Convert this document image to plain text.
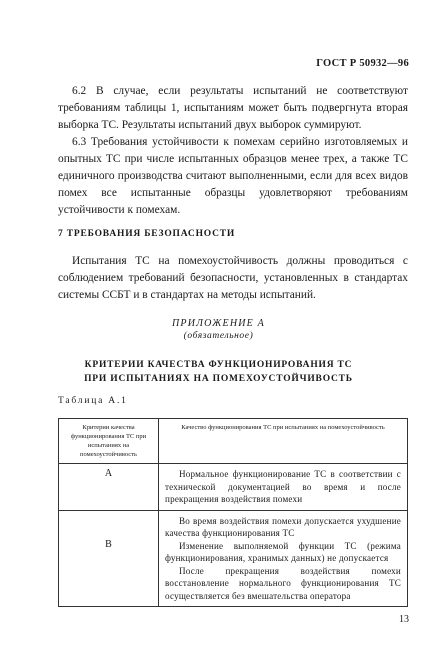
ГОСТ Р 50932—96
6.2 В случае, если результаты испытаний не соответствуют требованиям таблицы 1, испытаниям может быть подвергнута вторая выборка ТС. Результаты испытаний двух выборок суммируют.
6.3 Требования устойчивости к помехам серийно изготовляемых и опытных ТС при числе испытанных образцов менее трех, а также ТС единичного производства считают выполненными, если для всех видов помех все испытанные образцы удовлетворяют требованиям устойчивости к помехам.
7 ТРЕБОВАНИЯ БЕЗОПАСНОСТИ
Испытания ТС на помехоустойчивость должны проводиться с соблюдением требований безопасности, установленных в стандартах системы ССБТ и в стандартах на методы испытаний.
ПРИЛОЖЕНИЕ А
(обязательное)
КРИТЕРИИ КАЧЕСТВА ФУНКЦИОНИРОВАНИЯ ТС
ПРИ ИСПЫТАНИЯХ НА ПОМЕХОУСТОЙЧИВОСТЬ
Таблица А.1
Критерии качества функционирования ТС при испытаниях на помехоустойчивость	Качество функционирования ТС при испытаниях на помехоустойчивость
А	Нормальное функционирование ТС в соответствии с технической документацией во время и после прекращения воздействия помехи

В	Во время воздействия помехи допускается ухудшение качества функционирования ТС

Изменение выполняемой функции ТС (режима функционирования, хранимых данных) не допускается

После прекращения воздействия помехи восстановление нормального функционирования ТС осуществляется без вмешательства оператора

13
